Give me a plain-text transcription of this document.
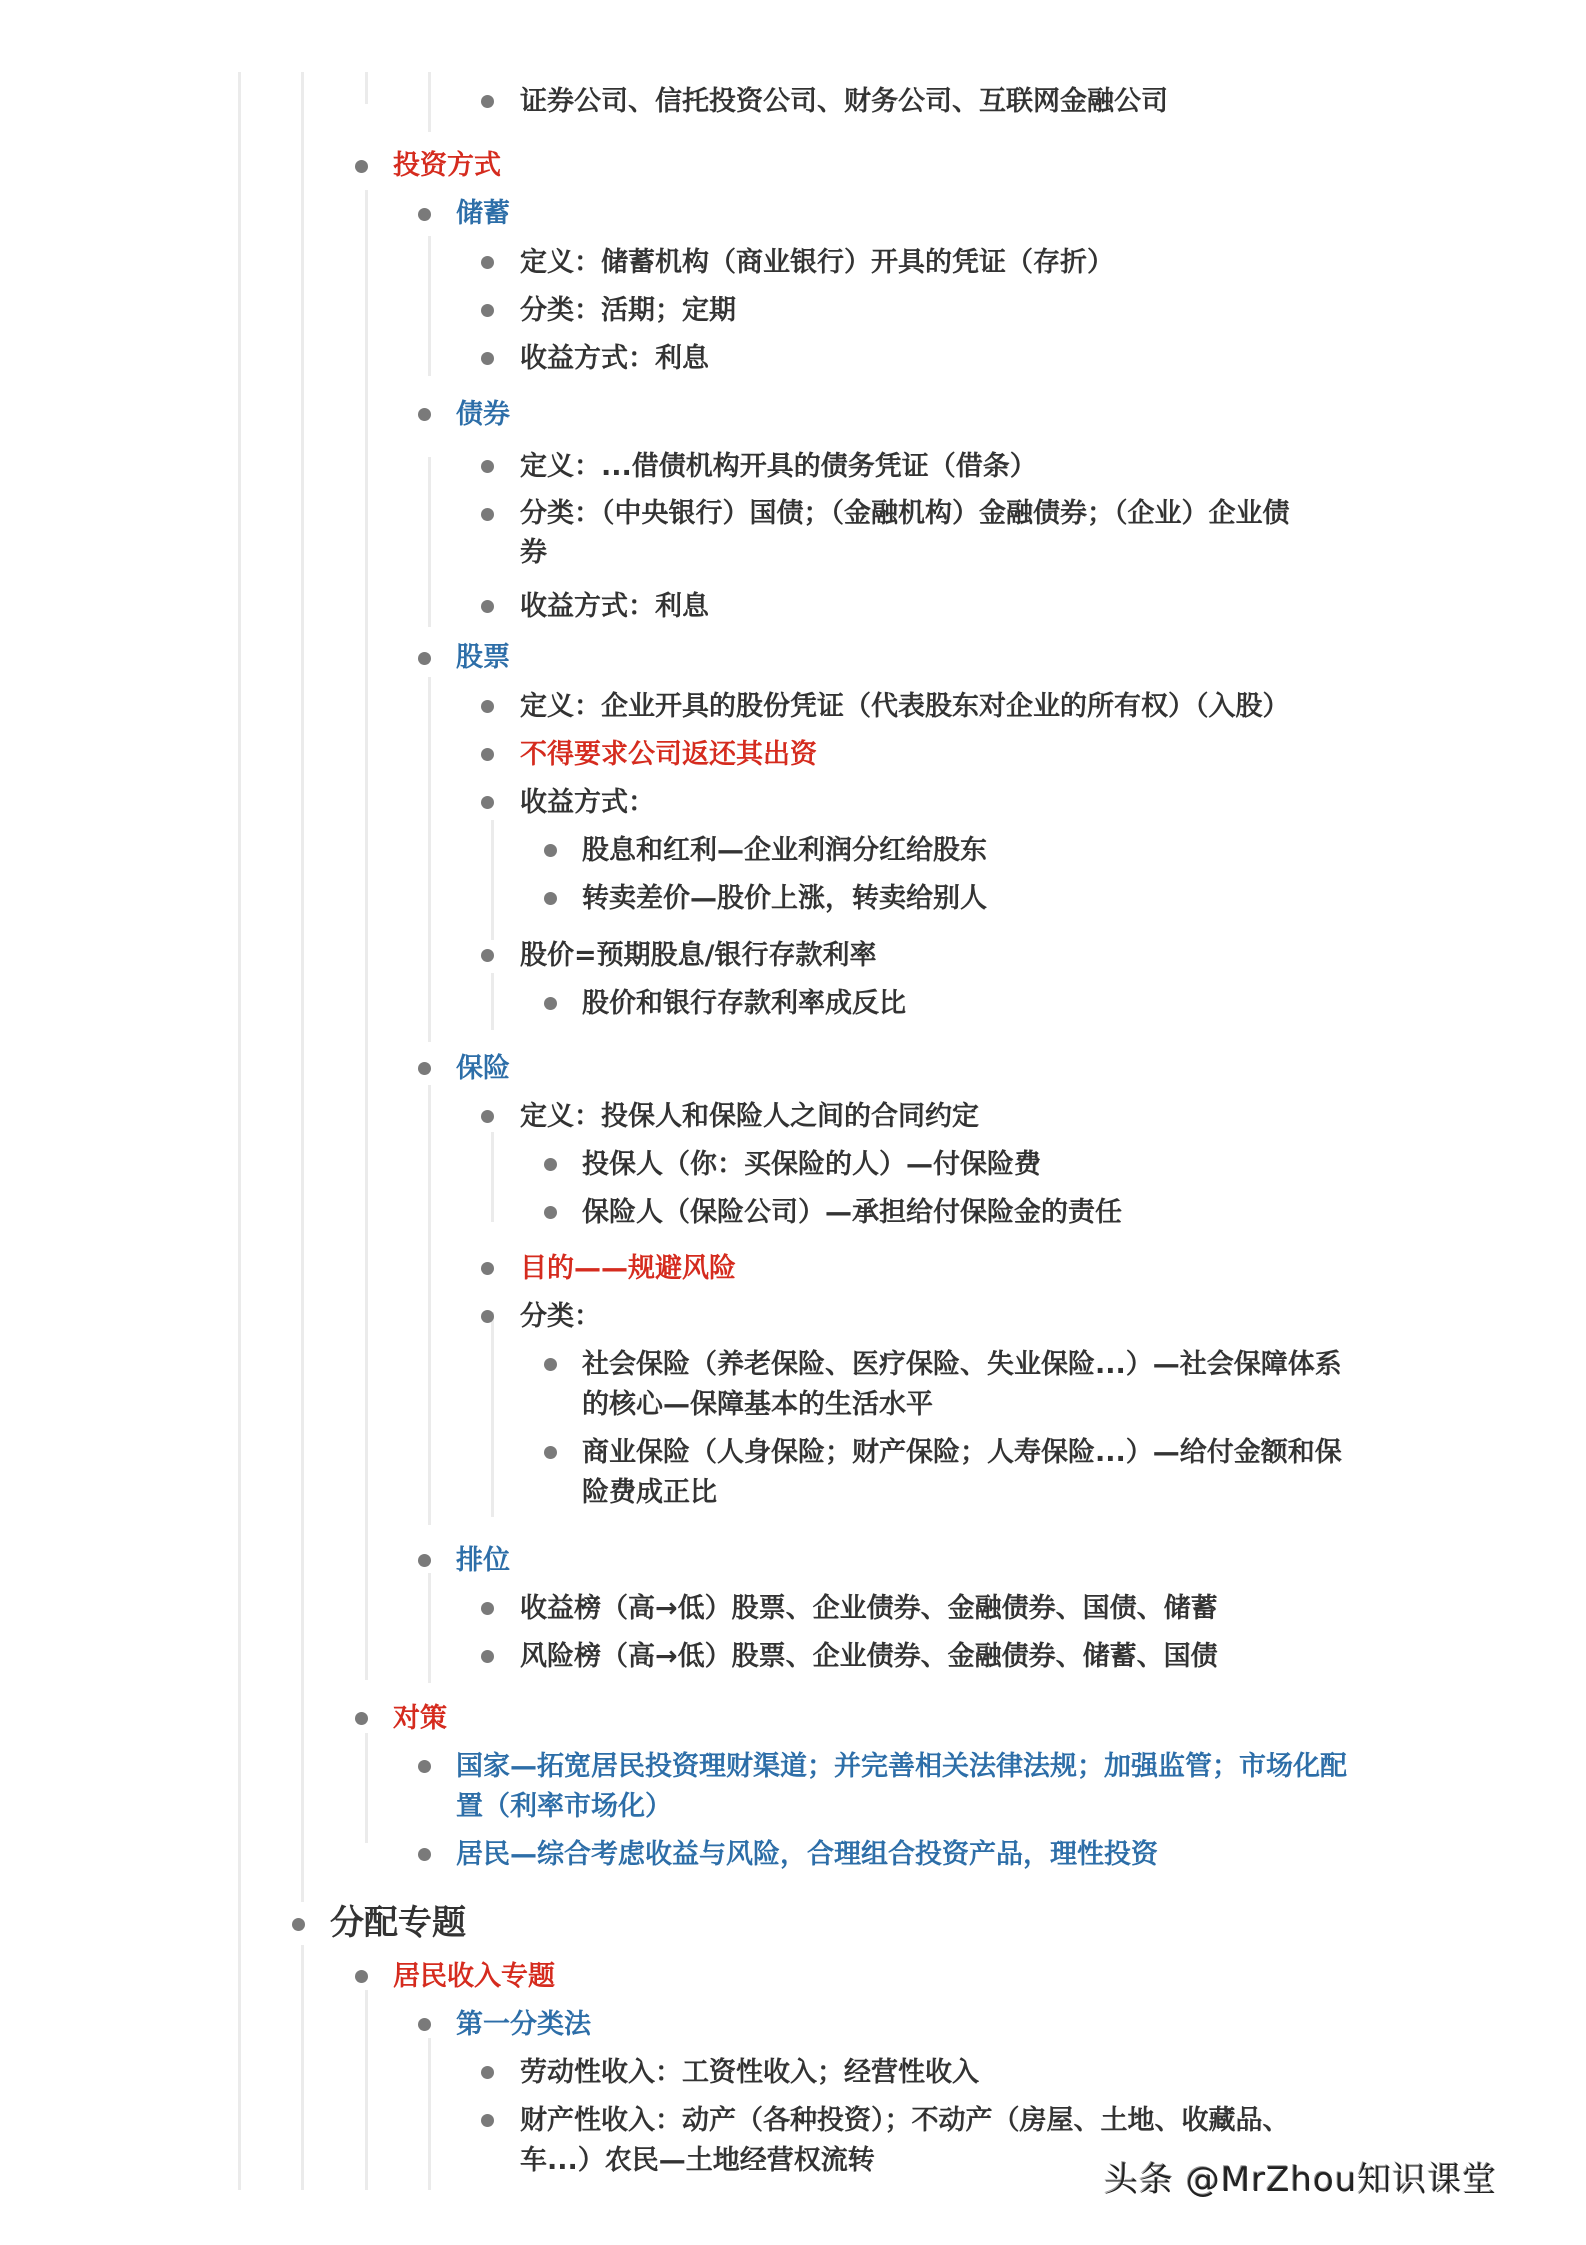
证券公司、信托投资公司、财务公司、互联网金融公司
投资方式
储蓄
定义：储蓄机构（商业银行）开具的凭证（存折）
分类：活期；定期
收益方式：利息
债券
定义：...借债机构开具的债务凭证（借条）
分类：（中央银行）国债；（金融机构）金融债券；（企业）企业债
券
收益方式：利息
股票
定义：企业开具的股份凭证（代表股东对企业的所有权）（入股）
不得要求公司返还其出资
收益方式：
股息和红利—企业利润分红给股东
转卖差价—股价上涨，转卖给别人
股价=预期股息/银行存款利率
股价和银行存款利率成反比
保险
定义：投保人和保险人之间的合同约定
投保人（你：买保险的人）—付保险费
保险人（保险公司）—承担给付保险金的责任
目的——规避风险
分类：
社会保险（养老保险、医疗保险、失业保险...）—社会保障体系
的核心—保障基本的生活水平
商业保险（人身保险；财产保险；人寿保险...）—给付金额和保
险费成正比
排位
收益榜（高→低）股票、企业债券、金融债券、国债、储蓄
风险榜（高→低）股票、企业债券、金融债券、储蓄、国债
对策
国家—拓宽居民投资理财渠道；并完善相关法律法规；加强监管；市场化配
置（利率市场化）
居民—综合考虑收益与风险，合理组合投资产品，理性投资
分配专题
居民收入专题
第一分类法
劳动性收入：工资性收入；经营性收入
财产性收入：动产（各种投资）；不动产（房屋、土地、收藏品、
车...）农民—土地经营权流转	头条 @MrZhou知识课堂
